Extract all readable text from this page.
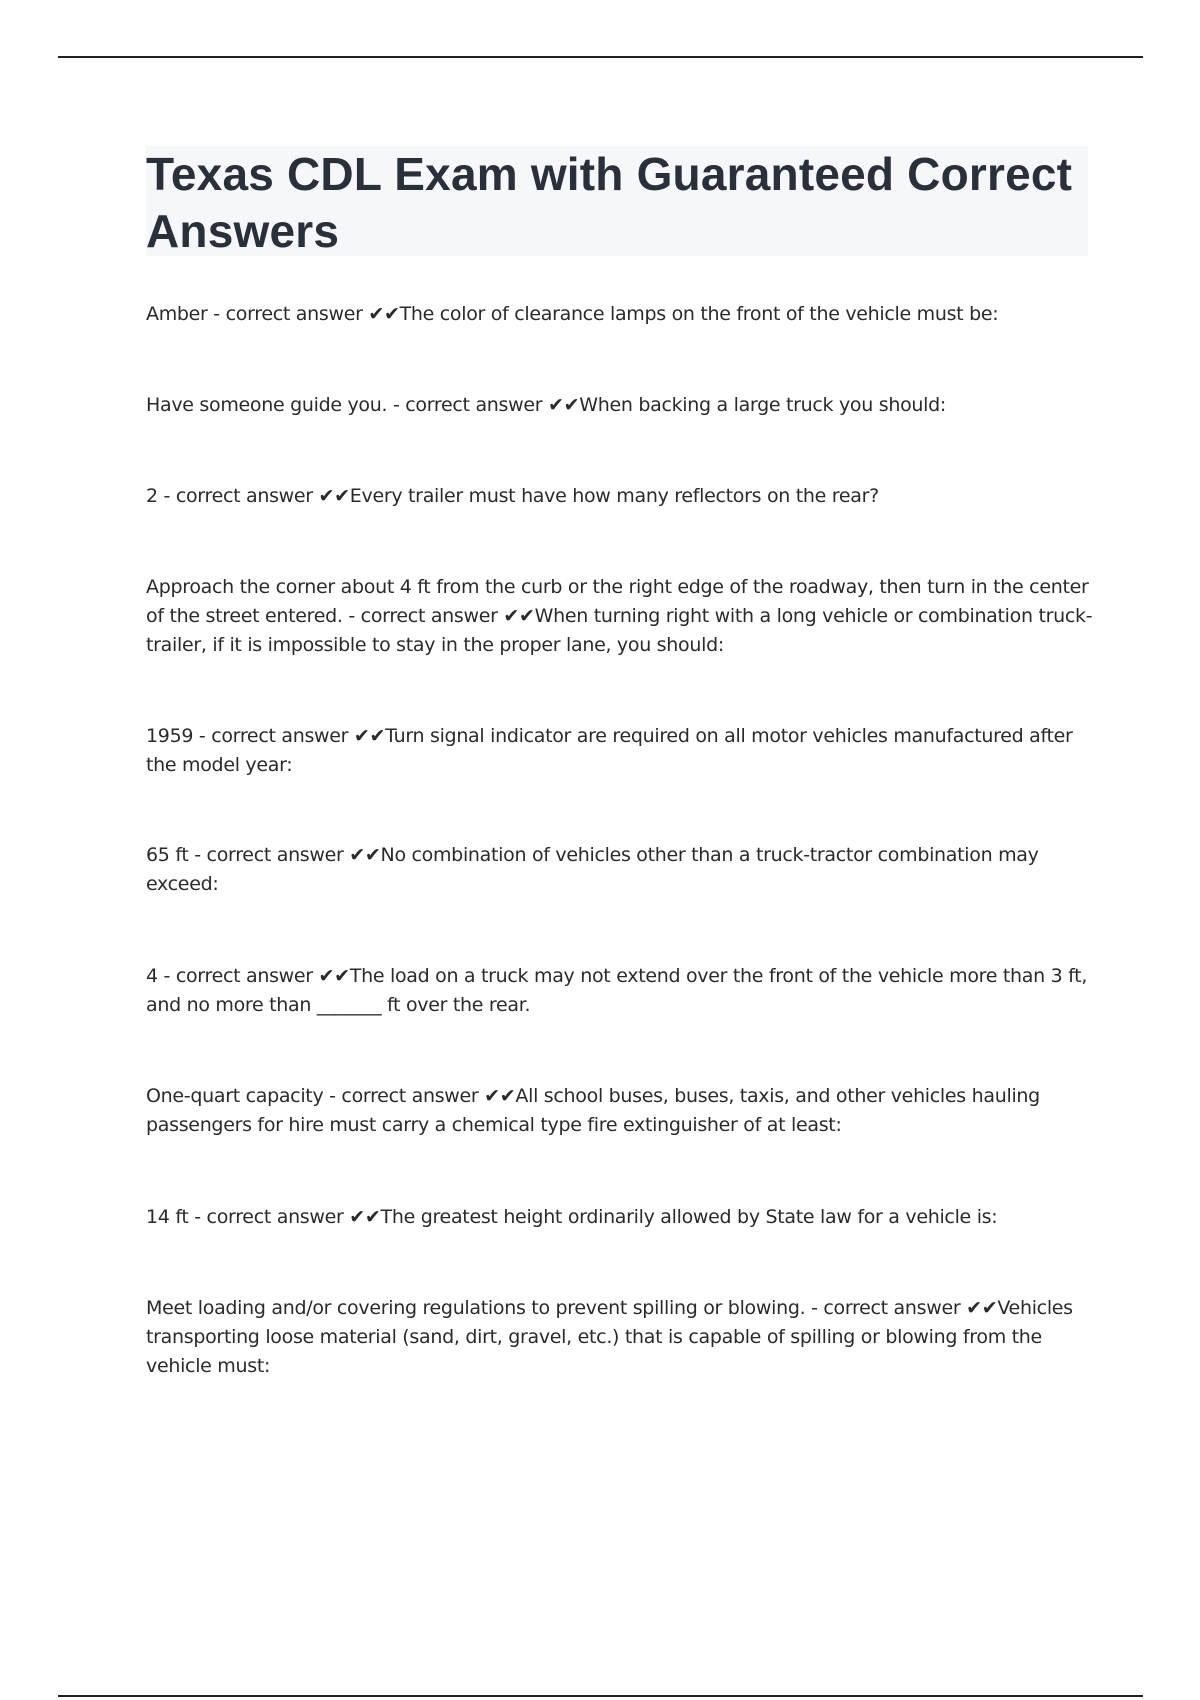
Texas CDL Exam with Guaranteed Correct Answers

Amber - correct answer ✔✔The color of clearance lamps on the front of the vehicle must be:

Have someone guide you. - correct answer ✔✔When backing a large truck you should:

2 - correct answer ✔✔Every trailer must have how many reflectors on the rear?

Approach the corner about 4 ft from the curb or the right edge of the roadway, then turn in the center of the street entered. - correct answer ✔✔When turning right with a long vehicle or combination truck-trailer, if it is impossible to stay in the proper lane, you should:

1959 - correct answer ✔✔Turn signal indicator are required on all motor vehicles manufactured after the model year:

65 ft - correct answer ✔✔No combination of vehicles other than a truck-tractor combination may exceed:

4 - correct answer ✔✔The load on a truck may not extend over the front of the vehicle more than 3 ft, and no more than _______ ft over the rear.

One-quart capacity - correct answer ✔✔All school buses, buses, taxis, and other vehicles hauling passengers for hire must carry a chemical type fire extinguisher of at least:

14 ft - correct answer ✔✔The greatest height ordinarily allowed by State law for a vehicle is:

Meet loading and/or covering regulations to prevent spilling or blowing. - correct answer ✔✔Vehicles transporting loose material (sand, dirt, gravel, etc.) that is capable of spilling or blowing from the vehicle must:
